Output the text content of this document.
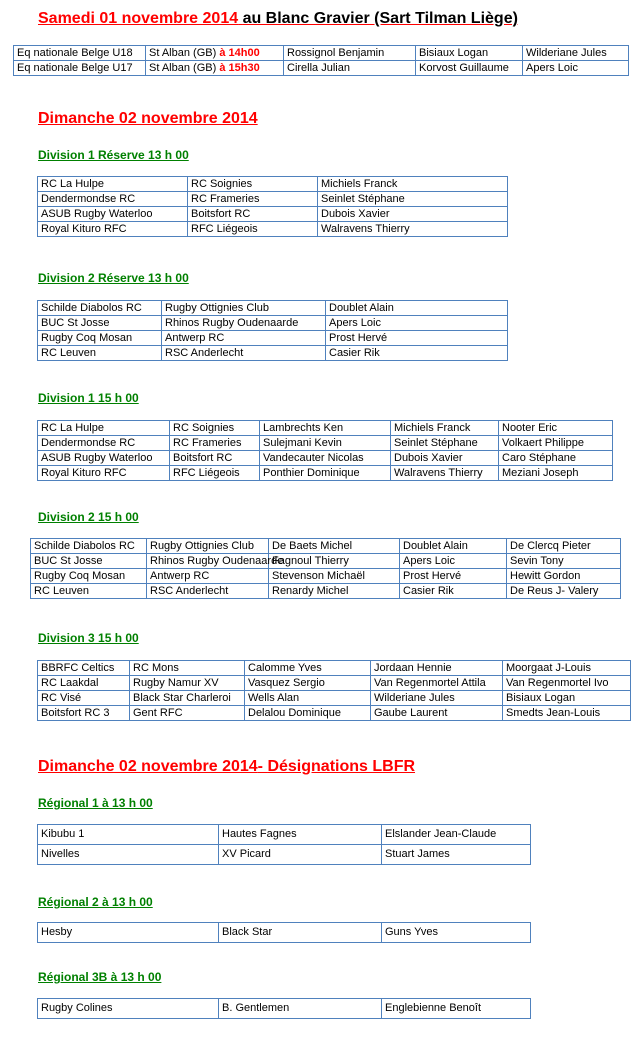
Samedi 01 novembre 2014 au Blanc Gravier (Sart Tilman Liège)
Eq nationale Belge U18	St Alban (GB) à 14h00	Rossignol Benjamin	Bisiaux Logan	Wilderiane Jules
Eq nationale Belge U17	St Alban (GB) à 15h30	Cirella Julian	Korvost Guillaume	Apers Loic
Dimanche 02 novembre 2014
Division 1 Réserve 13 h 00
RC La Hulpe	RC Soignies	Michiels Franck
Dendermondse RC	RC Frameries	Seinlet Stéphane
ASUB Rugby Waterloo	Boitsfort RC	Dubois Xavier
Royal Kituro RFC	RFC Liégeois	Walravens Thierry
Division 2 Réserve 13 h 00
Schilde Diabolos RC	Rugby Ottignies Club	Doublet Alain
BUC St Josse	Rhinos Rugby Oudenaarde	Apers Loic
Rugby Coq Mosan	Antwerp RC	Prost Hervé
RC Leuven	RSC Anderlecht	Casier Rik
Division 1 15 h 00
RC La Hulpe	RC Soignies	Lambrechts Ken	Michiels Franck	Nooter Eric
Dendermondse RC	RC Frameries	Sulejmani Kevin	Seinlet Stéphane	Volkaert Philippe
ASUB Rugby Waterloo	Boitsfort RC	Vandecauter Nicolas	Dubois Xavier	Caro Stéphane
Royal Kituro RFC	RFC Liégeois	Ponthier Dominique	Walravens Thierry	Meziani Joseph
Division 2 15 h 00
Schilde Diabolos RC	Rugby Ottignies Club	De Baets Michel	Doublet Alain	De Clercq Pieter
BUC St Josse	Rhinos Rugby Oudenaarde	Fagnoul Thierry	Apers Loic	Sevin Tony
Rugby Coq Mosan	Antwerp RC	Stevenson Michaël	Prost Hervé	Hewitt Gordon
RC Leuven	RSC Anderlecht	Renardy Michel	Casier Rik	De Reus J- Valery
Division 3 15 h 00
BBRFC Celtics	RC Mons	Calomme Yves	Jordaan Hennie	Moorgaat J-Louis
RC Laakdal	Rugby Namur XV	Vasquez Sergio	Van Regenmortel Attila	Van Regenmortel Ivo
RC Visé	Black Star Charleroi	Wells Alan	Wilderiane Jules	Bisiaux Logan
Boitsfort RC 3	Gent RFC	Delalou Dominique	Gaube Laurent	Smedts Jean-Louis
Dimanche 02 novembre 2014- Désignations LBFR
Régional 1 à 13 h 00
Kibubu 1	Hautes Fagnes	Elslander Jean-Claude
Nivelles	XV Picard	Stuart James
Régional 2 à 13 h 00
Hesby	Black Star	Guns Yves
Régional 3B à 13 h 00
Rugby Colines	B. Gentlemen	Englebienne Benoît
